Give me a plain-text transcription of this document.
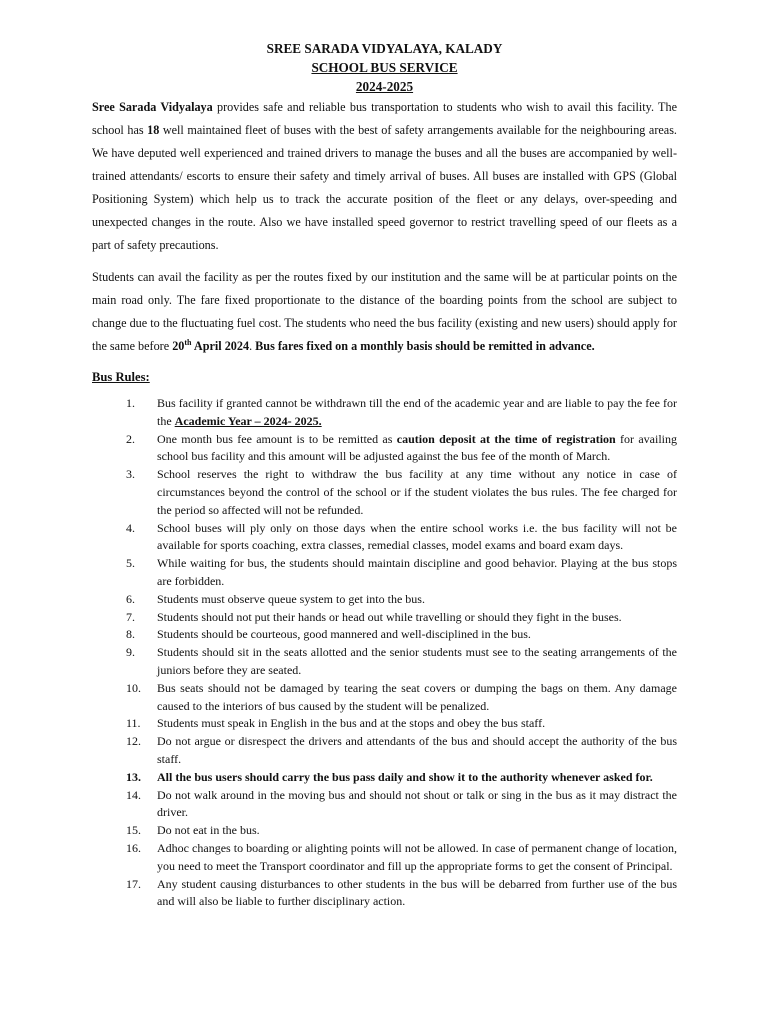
SREE SARADA VIDYALAYA, KALADY
SCHOOL BUS SERVICE
2024-2025

Sree Sarada Vidyalaya provides safe and reliable bus transportation to students who wish to avail this facility. The school has 18 well maintained fleet of buses with the best of safety arrangements available for the neighbouring areas. We have deputed well experienced and trained drivers to manage the buses and all the buses are accompanied by well-trained attendants/ escorts to ensure their safety and timely arrival of buses. All buses are installed with GPS (Global Positioning System) which help us to track the accurate position of the fleet or any delays, over-speeding and unexpected changes in the route. Also we have installed speed governor to restrict travelling speed of our fleets as a part of safety precautions.

Students can avail the facility as per the routes fixed by our institution and the same will be at particular points on the main road only. The fare fixed proportionate to the distance of the boarding points from the school are subject to change due to the fluctuating fuel cost. The students who need the bus facility (existing and new users) should apply for the same before 20th April 2024. Bus fares fixed on a monthly basis should be remitted in advance.

Bus Rules:
1.	Bus facility if granted cannot be withdrawn till the end of the academic year and are liable to pay the fee for the Academic Year – 2024- 2025.
2.	One month bus fee amount is to be remitted as caution deposit at the time of registration for availing school bus facility and this amount will be adjusted against the bus fee of the month of March.
3.	School reserves the right to withdraw the bus facility at any time without any notice in case of circumstances beyond the control of the school or if the student violates the bus rules. The fee charged for the period so affected will not be refunded.
4.	School buses will ply only on those days when the entire school works i.e. the bus facility will not be available for sports coaching, extra classes, remedial classes, model exams and board exam days.
5.	While waiting for bus, the students should maintain discipline and good behavior. Playing at the bus stops are forbidden.
6.	Students must observe queue system to get into the bus.
7.	Students should not put their hands or head out while travelling or should they fight in the buses.
8.	Students should be courteous, good mannered and well-disciplined in the bus.
9.	Students should sit in the seats allotted and the senior students must see to the seating arrangements of the juniors before they are seated.
10.	Bus seats should not be damaged by tearing the seat covers or dumping the bags on them. Any damage caused to the interiors of bus caused by the student will be penalized.
11.	Students must speak in English in the bus and at the stops and obey the bus staff.
12.	Do not argue or disrespect the drivers and attendants of the bus and should accept the authority of the bus staff.
13.	All the bus users should carry the bus pass daily and show it to the authority whenever asked for.
14.	Do not walk around in the moving bus and should not shout or talk or sing in the bus as it may distract the driver.
15.	Do not eat in the bus.
16.	Adhoc changes to boarding or alighting points will not be allowed. In case of permanent change of location, you need to meet the Transport coordinator and fill up the appropriate forms to get the consent of Principal.
17.	Any student causing disturbances to other students in the bus will be debarred from further use of the bus and will also be liable to further disciplinary action.
